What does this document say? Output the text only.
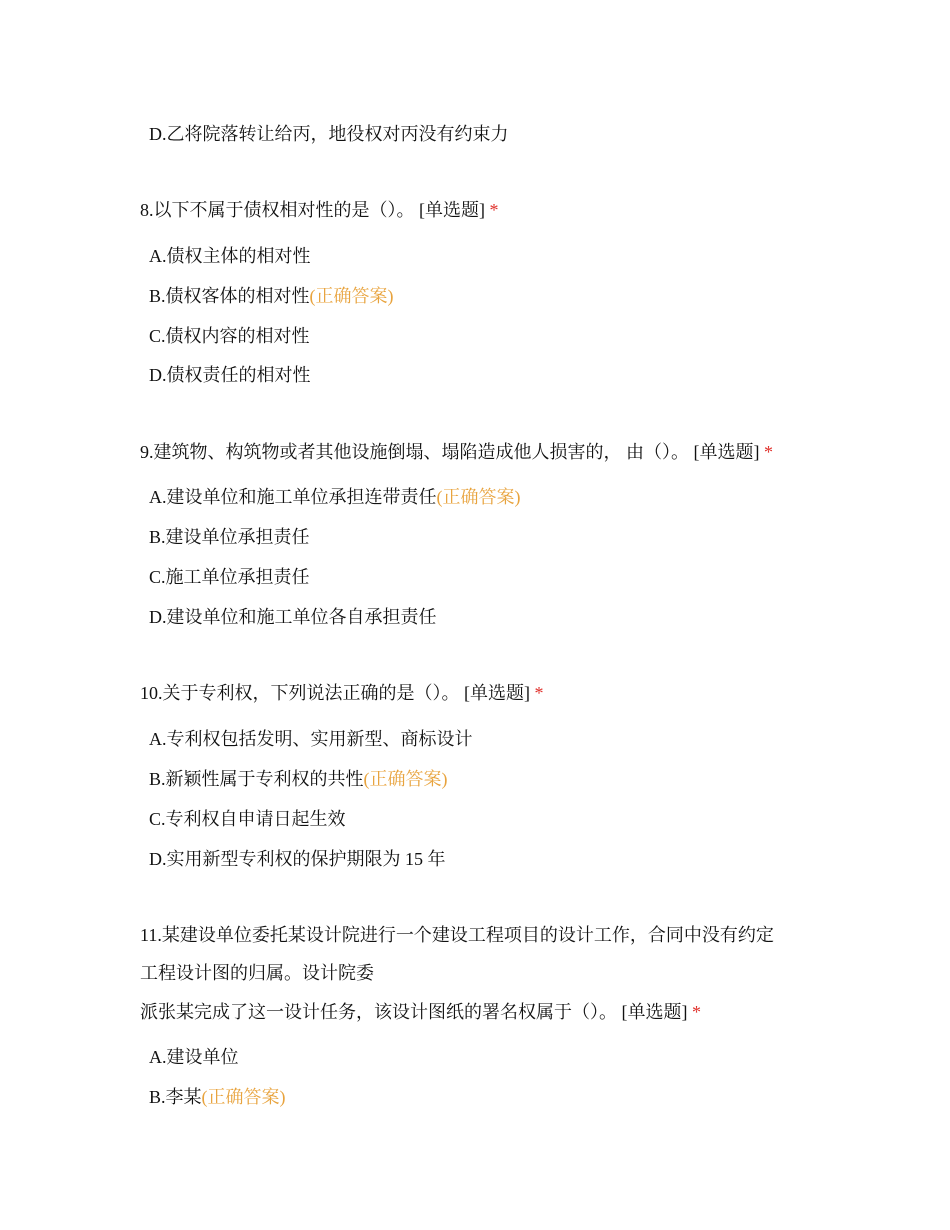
D.乙将院落转让给丙，地役权对丙没有约束力
8.以下不属于债权相对性的是（）。 [单选题] *
A.债权主体的相对性
B.债权客体的相对性(正确答案)
C.债权内容的相对性
D.债权责任的相对性
9.建筑物、构筑物或者其他设施倒塌、塌陷造成他人损害的， 由（）。 [单选题] *
A.建设单位和施工单位承担连带责任(正确答案)
B.建设单位承担责任
C.施工单位承担责任
D.建设单位和施工单位各自承担责任
10.关于专利权，下列说法正确的是（）。 [单选题] *
A.专利权包括发明、实用新型、商标设计
B.新颖性属于专利权的共性(正确答案)
C.专利权自申请日起生效
D.实用新型专利权的保护期限为 15 年
11.某建设单位委托某设计院进行一个建设工程项目的设计工作，合同中没有约定
工程设计图的归属。设计院委
派张某完成了这一设计任务，该设计图纸的署名权属于（）。 [单选题] *
A.建设单位
B.李某(正确答案)
